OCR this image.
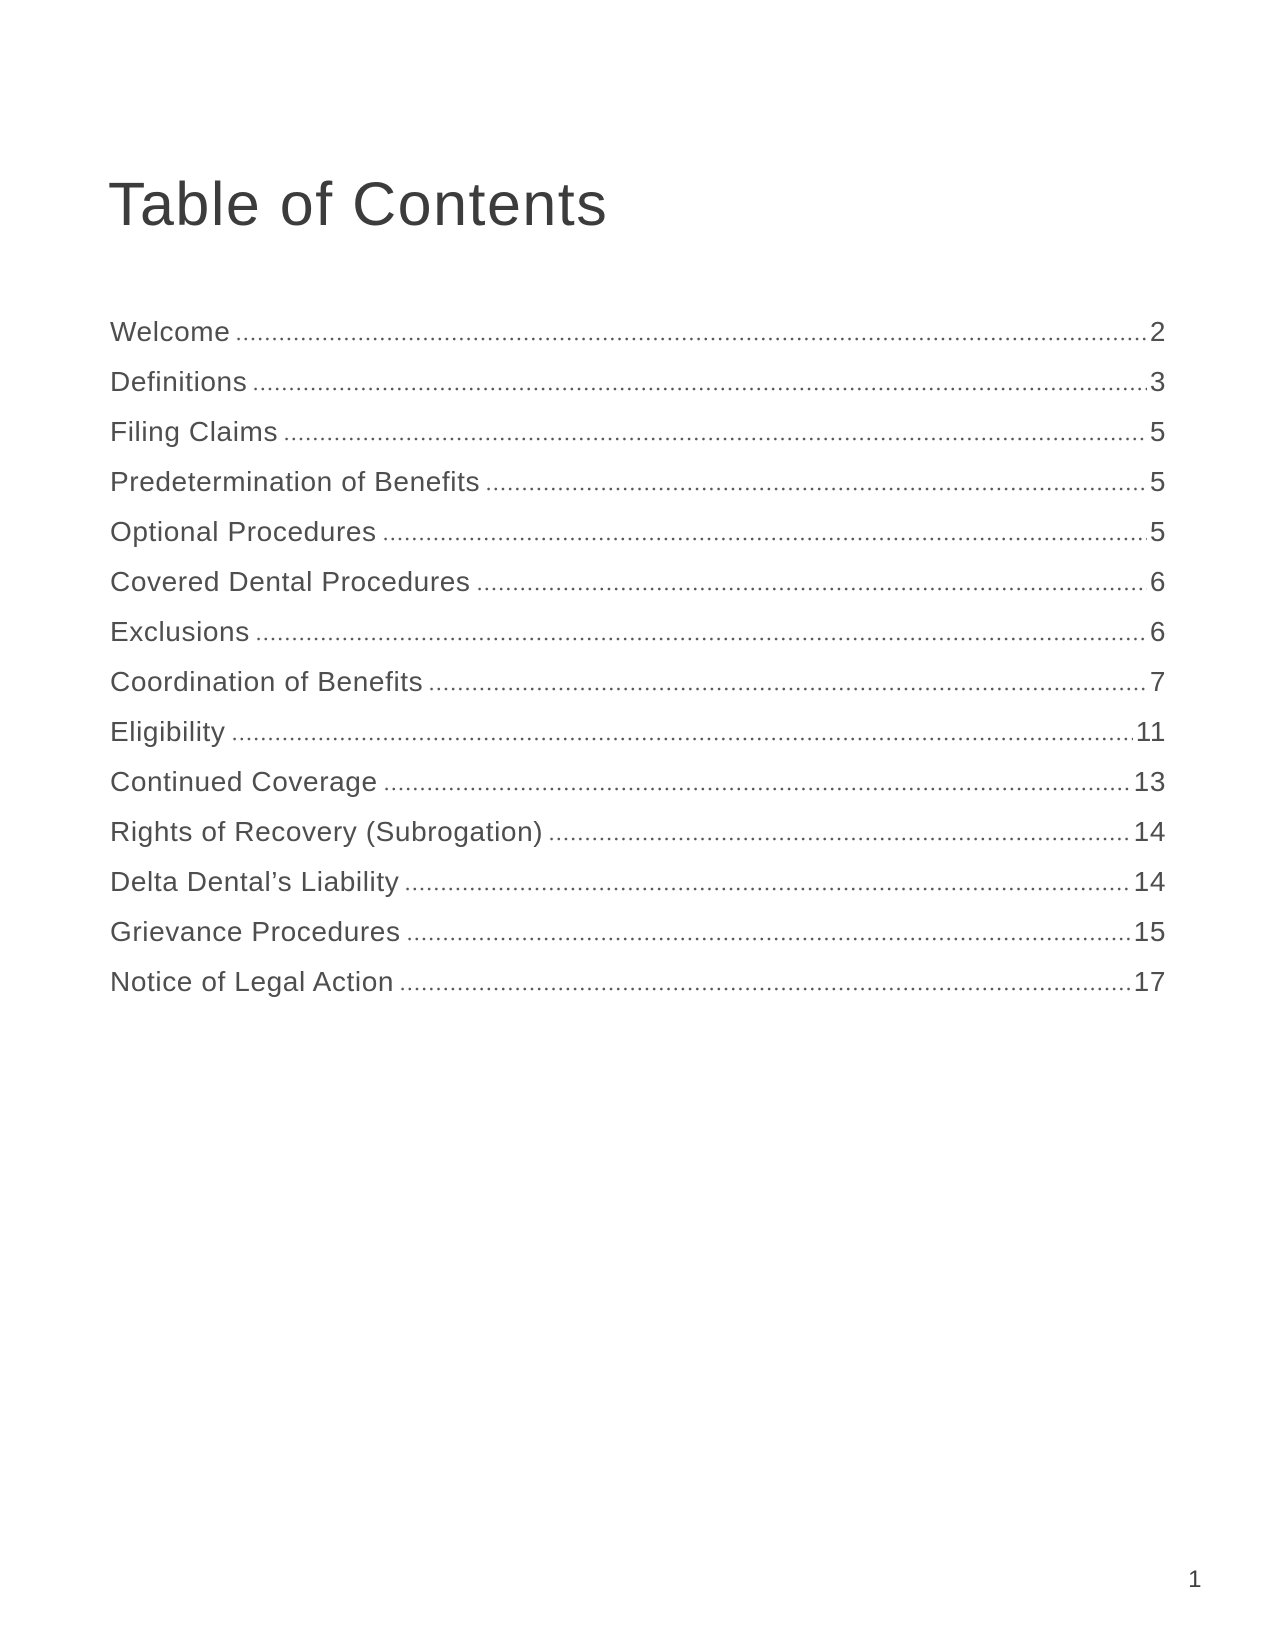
Table of Contents
Welcome	2
Definitions	3
Filing Claims	5
Predetermination of Benefits	5
Optional Procedures	5
Covered Dental Procedures	6
Exclusions	6
Coordination of Benefits	7
Eligibility	11
Continued Coverage	13
Rights of Recovery (Subrogation)	14
Delta Dental’s Liability	14
Grievance Procedures	15
Notice of Legal Action	17
1
